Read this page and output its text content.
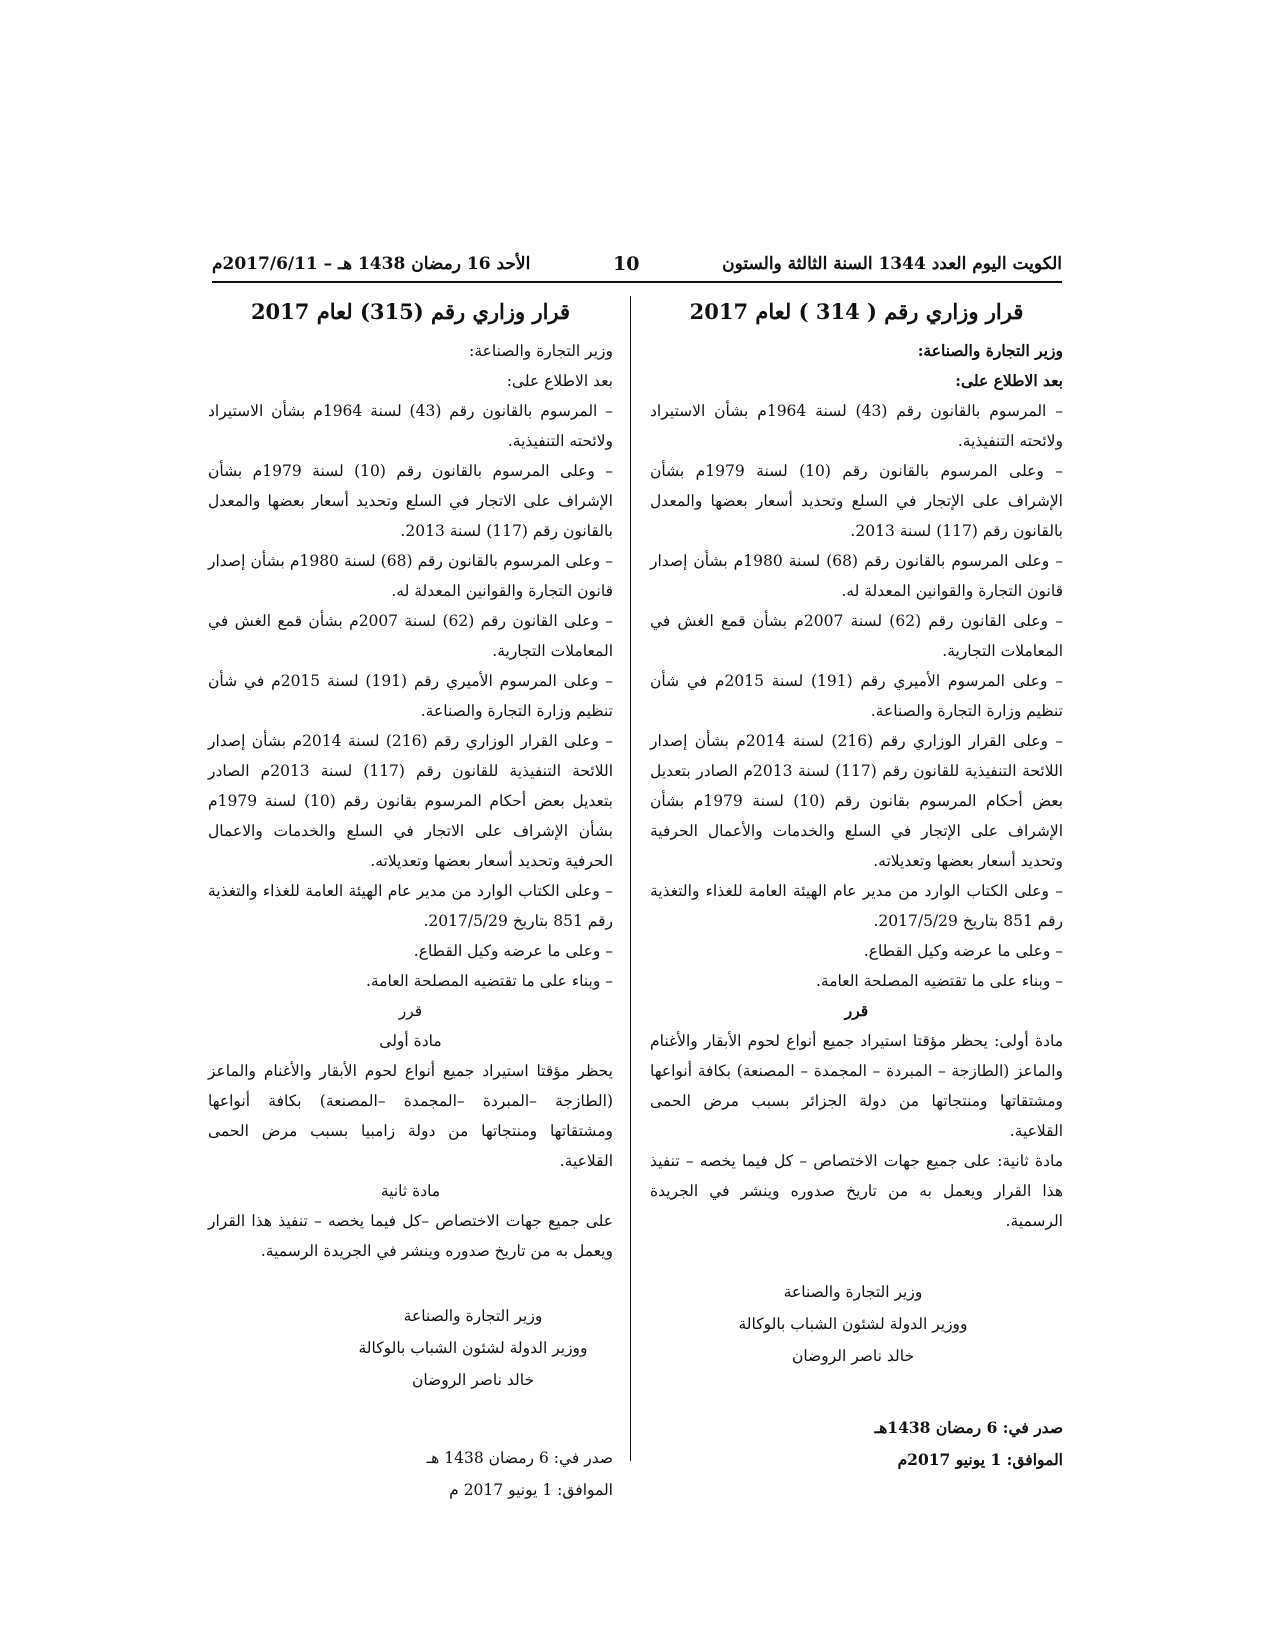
الكويت اليوم العدد 1344 السنة الثالثة والستون
10
الأحد 16 رمضان 1438 هـ – 2017/6/11م
قرار وزاري رقم ( 314 ) لعام 2017

وزير التجارة والصناعة:

بعد الاطلاع على:

– المرسوم بالقانون رقم (43) لسنة 1964م بشأن الاستيراد ولائحته التنفيذية.

– وعلى المرسوم بالقانون رقم (10) لسنة 1979م بشأن الإشراف على الإتجار في السلع وتحديد أسعار بعضها والمعدل بالقانون رقم (117) لسنة 2013.

– وعلى المرسوم بالقانون رقم (68) لسنة 1980م بشأن إصدار قانون التجارة والقوانين المعدلة له.

– وعلى القانون رقم (62) لسنة 2007م بشأن قمع الغش في المعاملات التجارية.

– وعلى المرسوم الأميري رقم (191) لسنة 2015م في شأن تنظيم وزارة التجارة والصناعة.

– وعلى القرار الوزاري رقم (216) لسنة 2014م بشأن إصدار اللائحة التنفيذية للقانون رقم (117) لسنة 2013م الصادر بتعديل بعض أحكام المرسوم بقانون رقم (10) لسنة 1979م بشأن الإشراف على الإتجار في السلع والخدمات والأعمال الحرفية وتحديد أسعار بعضها وتعديلاته.

– وعلى الكتاب الوارد من مدير عام الهيئة العامة للغذاء والتغذية رقم 851 بتاريخ 2017/5/29.

– وعلى ما عرضه وكيل القطاع.

– وبناء على ما تقتضيه المصلحة العامة.

قرر

مادة أولى: يحظر مؤقتا استيراد جميع أنواع لحوم الأبقار والأغنام والماعز (الطازجة – المبردة – المجمدة – المصنعة) بكافة أنواعها ومشتقاتها ومنتجاتها من دولة الجزائر بسبب مرض الحمى القلاعية.

مادة ثانية: على جميع جهات الاختصاص – كل فيما يخصه – تنفيذ هذا القرار ويعمل به من تاريخ صدوره وينشر في الجريدة الرسمية.

وزير التجارة والصناعة

ووزير الدولة لشئون الشباب بالوكالة

خالد ناصر الروضان

صدر في: 6 رمضان 1438هـ

الموافق: 1 يونيو 2017م

قرار وزاري رقم (315) لعام 2017

وزير التجارة والصناعة:

بعد الاطلاع على:

– المرسوم بالقانون رقم (43) لسنة 1964م بشأن الاستيراد ولائحته التنفيذية.

– وعلى المرسوم بالقانون رقم (10) لسنة 1979م بشأن الإشراف على الاتجار في السلع وتحديد أسعار بعضها والمعدل بالقانون رقم (117) لسنة 2013.

– وعلى المرسوم بالقانون رقم (68) لسنة 1980م بشأن إصدار قانون التجارة والقوانين المعدلة له.

– وعلى القانون رقم (62) لسنة 2007م بشأن قمع الغش في المعاملات التجارية.

– وعلى المرسوم الأميري رقم (191) لسنة 2015م في شأن تنظيم وزارة التجارة والصناعة.

– وعلى القرار الوزاري رقم (216) لسنة 2014م بشأن إصدار اللائحة التنفيذية للقانون رقم (117) لسنة 2013م الصادر بتعديل بعض أحكام المرسوم بقانون رقم (10) لسنة 1979م بشأن الإشراف على الاتجار في السلع والخدمات والاعمال الحرفية وتحديد أسعار بعضها وتعديلاته.

– وعلى الكتاب الوارد من مدير عام الهيئة العامة للغذاء والتغذية رقم 851 بتاريخ 2017/5/29.

– وعلى ما عرضه وكيل القطاع.

– وبناء على ما تقتضيه المصلحة العامة.

قرر

مادة أولى

يحظر مؤقتا استيراد جميع أنواع لحوم الأبقار والأغنام والماعز (الطازجة –المبردة –المجمدة –المصنعة) بكافة أنواعها ومشتقاتها ومنتجاتها من دولة زامبيا بسبب مرض الحمى القلاعية.

مادة ثانية

على جميع جهات الاختصاص –كل فيما يخصه – تنفيذ هذا القرار ويعمل به من تاريخ صدوره وينشر في الجريدة الرسمية.

وزير التجارة والصناعة

ووزير الدولة لشئون الشباب بالوكالة

خالد ناصر الروضان

صدر في: 6 رمضان 1438 هـ

الموافق: 1 يونيو 2017 م
